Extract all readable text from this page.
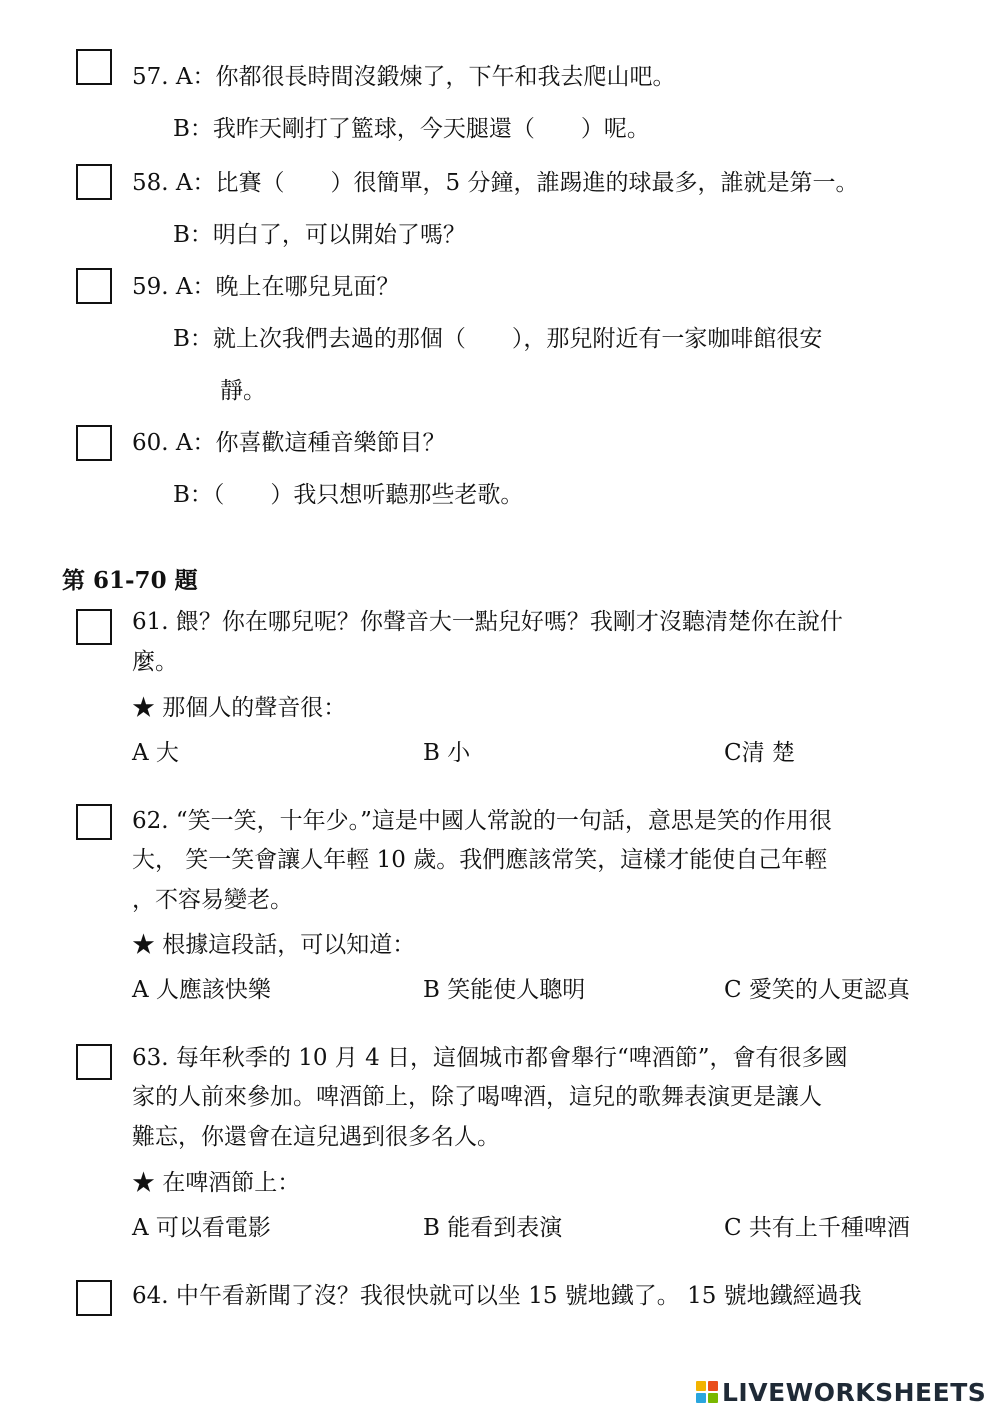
57. A：你都很長時間沒鍛煉了，下午和我去爬山吧。
B：我昨天剛打了籃球，今天腿還（　　）呢。
58. A：比賽（　　）很簡單，5 分鐘，誰踢進的球最多，誰就是第一。
B：明白了，可以開始了嗎？
59. A：晚上在哪兒見面？
B：就上次我們去過的那個（　　），那兒附近有一家咖啡館很安
靜。
60. A：你喜歡這種音樂節目？
B：（　　）我只想听聽那些老歌。
第 61-70 題
61. 餵？你在哪兒呢？你聲音大一點兒好嗎？我剛才沒聽清楚你在說什
麼。
★ 那個人的聲音很：
A 大	B 小	C清 楚
62. “笑一笑，十年少。”這是中國人常說的一句話，意思是笑的作用很
大， 笑一笑會讓人年輕 10 歲。我們應該常笑，這樣才能使自己年輕
，不容易變老。
★ 根據這段話，可以知道：
A 人應該快樂	B 笑能使人聰明	C 愛笑的人更認真
63. 每年秋季的 10 月 4 日，這個城市都會舉行“啤酒節”，會有很多國
家的人前來參加。啤酒節上，除了喝啤酒，這兒的歌舞表演更是讓人
難忘，你還會在這兒遇到很多名人。
★ 在啤酒節上：
A 可以看電影	B 能看到表演	C 共有上千種啤酒
64. 中午看新聞了沒？我很快就可以坐 15 號地鐵了。 15 號地鐵經過我
LIVEWORKSHEETS
